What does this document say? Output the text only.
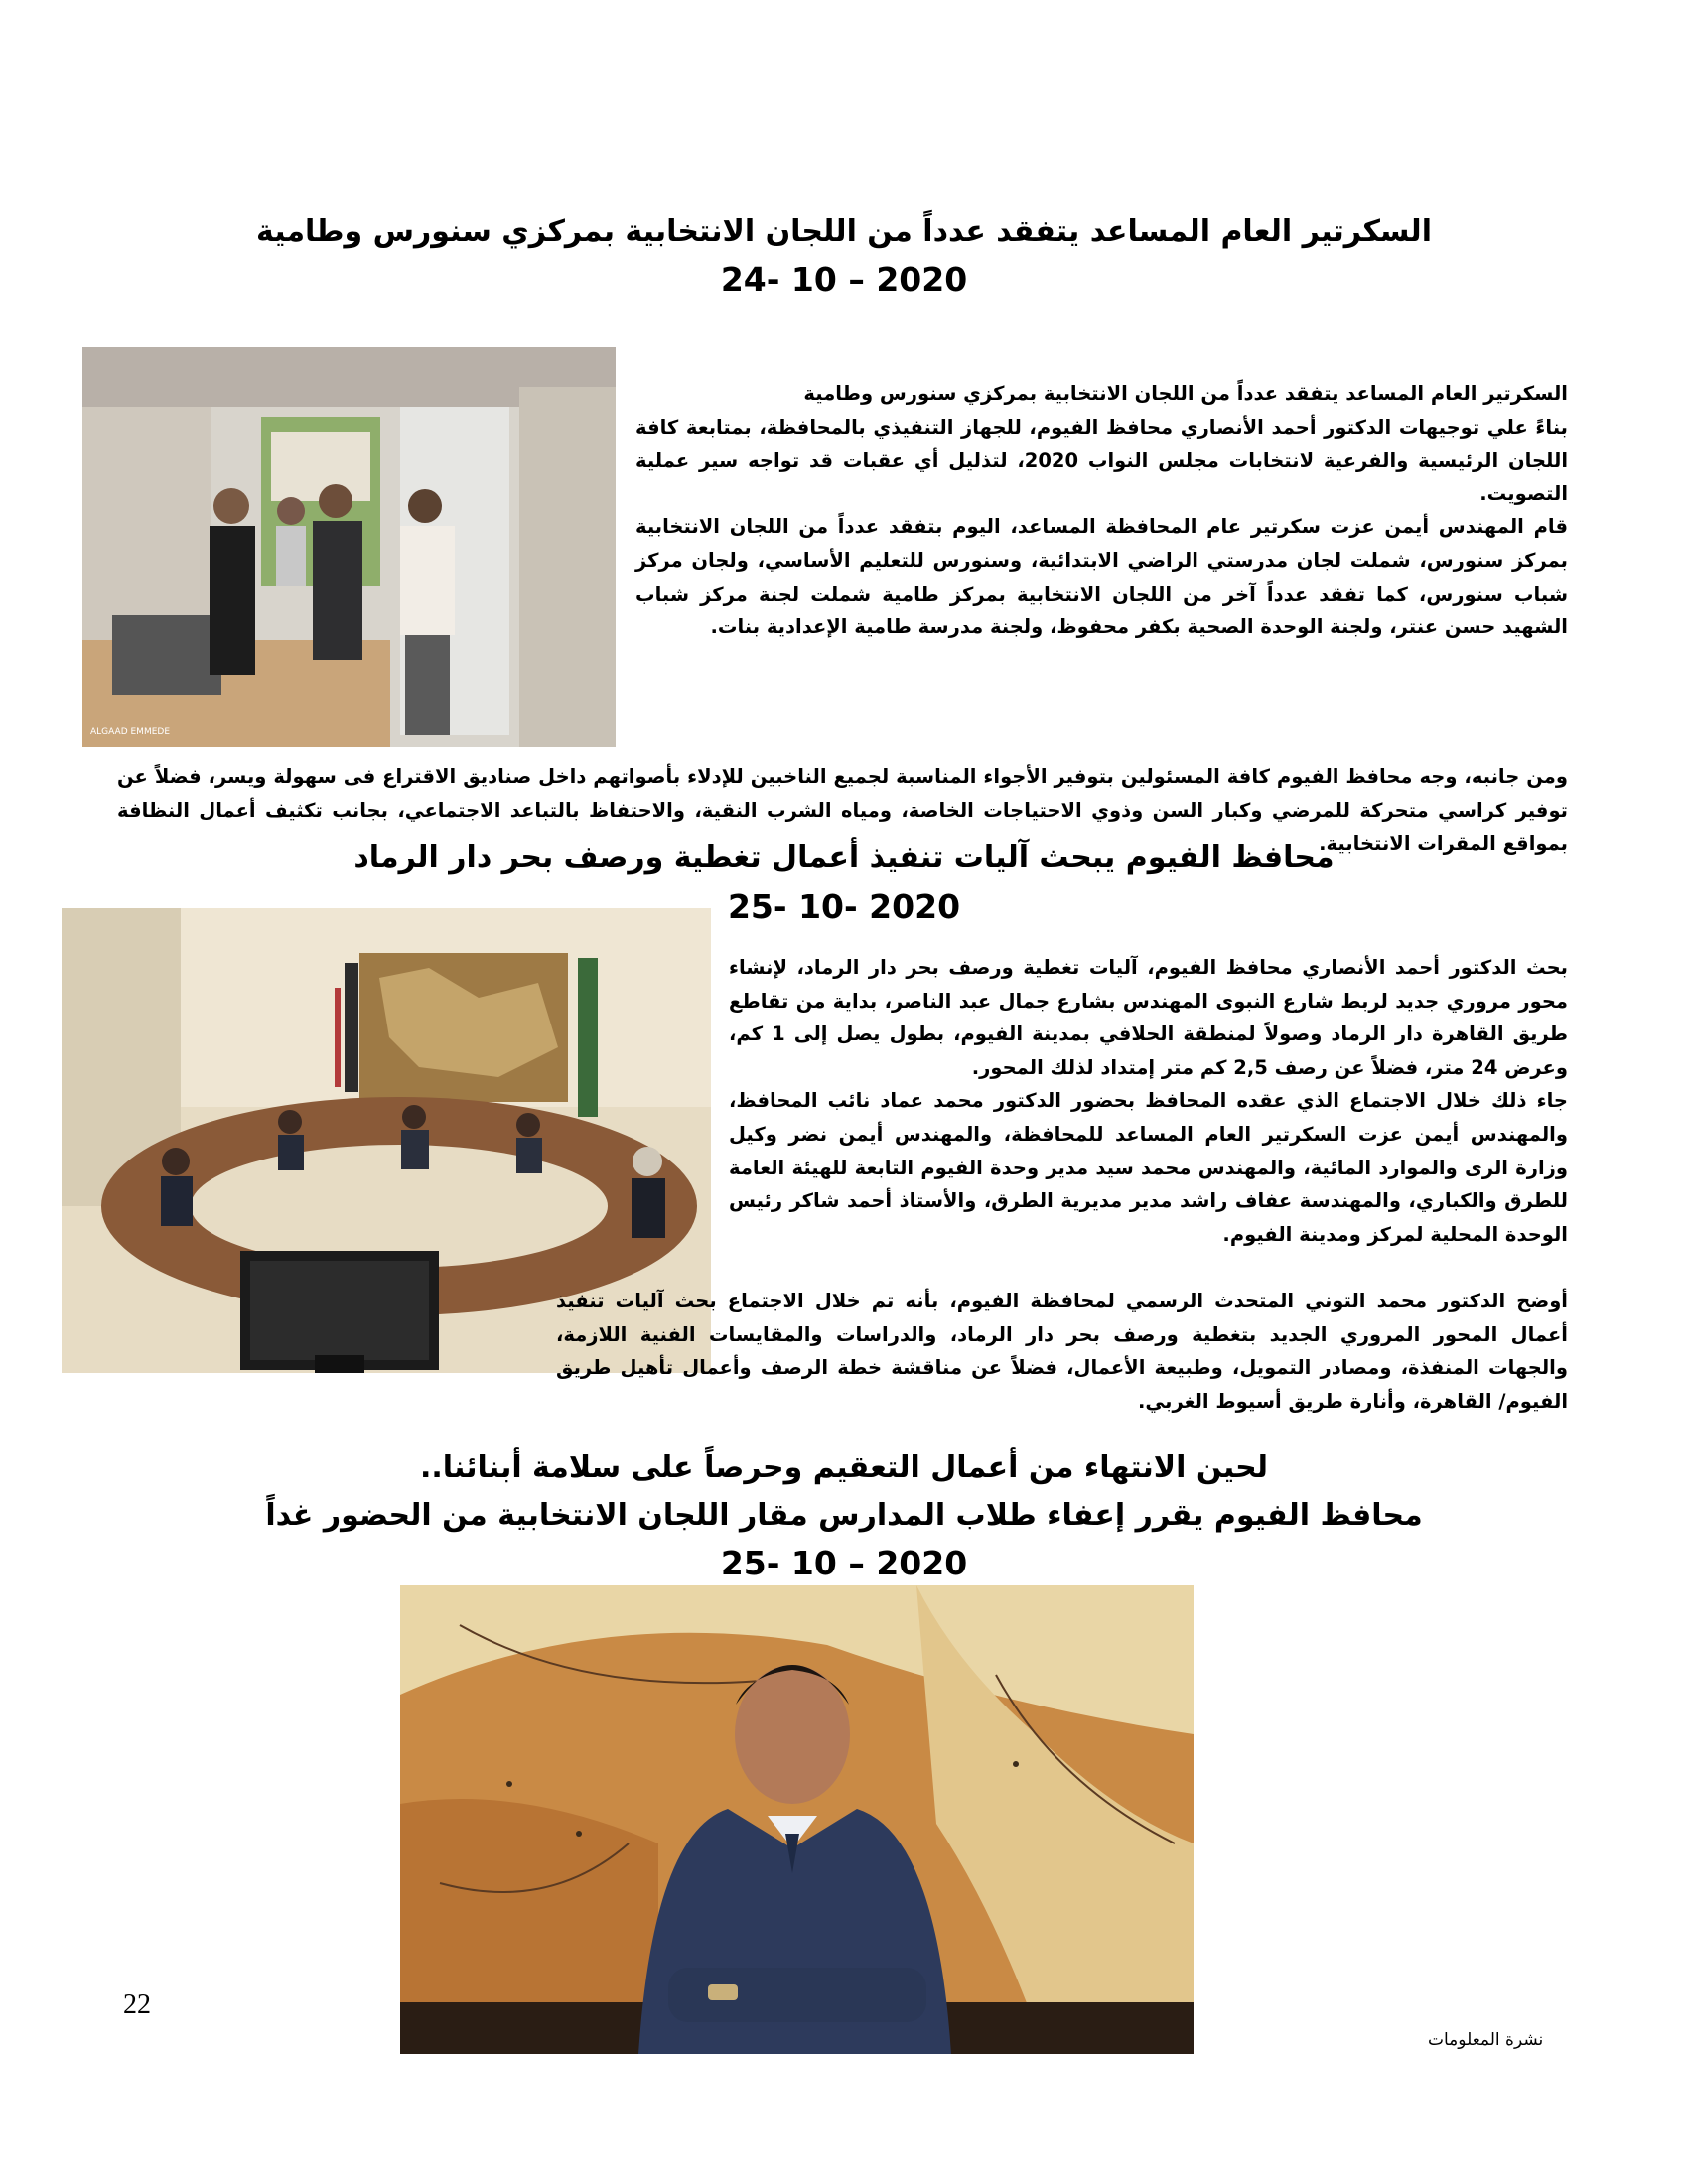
السكرتير العام المساعد يتفقد عدداً من اللجان الانتخابية بمركزي سنورس وطامية
24- 10 – 2020
ALGAAD EMMEDE

السكرتير العام المساعد يتفقد عدداً من اللجان الانتخابية بمركزي سنورس وطامية

بناءً علي توجيهات الدكتور أحمد الأنصاري محافظ الفيوم، للجهاز التنفيذي بالمحافظة، بمتابعة كافة اللجان الرئيسية والفرعية لانتخابات مجلس النواب 2020، لتذليل أي عقبات قد تواجه سير عملية التصويت.

قام المهندس أيمن عزت سكرتير عام المحافظة المساعد، اليوم بتفقد عدداً من اللجان الانتخابية بمركز سنورس، شملت لجان مدرستي الراضي الابتدائية، وسنورس للتعليم الأساسي، ولجان مركز شباب سنورس، كما تفقد عدداً آخر من اللجان الانتخابية بمركز طامية شملت لجنة مركز شباب الشهيد حسن عنتر، ولجنة الوحدة الصحية بكفر محفوظ، ولجنة مدرسة طامية الإعدادية بنات.

ومن جانبه، وجه محافظ الفيوم كافة المسئولين بتوفير الأجواء المناسبة لجميع الناخبين للإدلاء بأصواتهم داخل صناديق الاقتراع فى سهولة ويسر، فضلاً عن توفير كراسي متحركة للمرضي وكبار السن وذوي الاحتياجات الخاصة، ومياه الشرب النقية، والاحتفاظ بالتباعد الاجتماعي، بجانب تكثيف أعمال النظافة بمواقع المقرات الانتخابية.

محافظ الفيوم يبحث آليات تنفيذ أعمال تغطية ورصف بحر دار الرماد
25- 10- 2020

بحث الدكتور أحمد الأنصاري محافظ الفيوم، آليات تغطية ورصف بحر دار الرماد، لإنشاء محور مروري جديد لربط شارع النبوى المهندس بشارع جمال عبد الناصر، بداية من تقاطع طريق القاهرة دار الرماد وصولاً لمنطقة الحلافي بمدينة الفيوم، بطول يصل إلى 1 كم، وعرض 24 متر، فضلاً عن رصف 2,5 كم متر إمتداد لذلك المحور.

جاء ذلك خلال الاجتماع الذي عقده المحافظ بحضور الدكتور محمد عماد نائب المحافظ، والمهندس أيمن عزت السكرتير العام المساعد للمحافظة، والمهندس أيمن نضر وكيل وزارة الرى والموارد المائية، والمهندس محمد سيد مدير وحدة الفيوم التابعة للهيئة العامة للطرق والكباري، والمهندسة عفاف راشد مدير مديرية الطرق، والأستاذ أحمد شاكر رئيس الوحدة المحلية لمركز ومدينة الفيوم.

أوضح الدكتور محمد التوني المتحدث الرسمي لمحافظة الفيوم، بأنه تم خلال الاجتماع بحث آليات تنفيذ أعمال المحور المروري الجديد بتغطية ورصف بحر دار الرماد، والدراسات والمقايسات الفنية اللازمة، والجهات المنفذة، ومصادر التمويل، وطبيعة الأعمال، فضلاً عن مناقشة خطة الرصف وأعمال تأهيل طريق الفيوم/ القاهرة، وأنارة طريق أسيوط الغربي.

لحين الانتهاء من أعمال التعقيم وحرصاً على سلامة أبنائنا..
محافظ الفيوم يقرر إعفاء طلاب المدارس مقار اللجان الانتخابية من الحضور غداً
25- 10 – 2020
22
نشرة المعلومات
